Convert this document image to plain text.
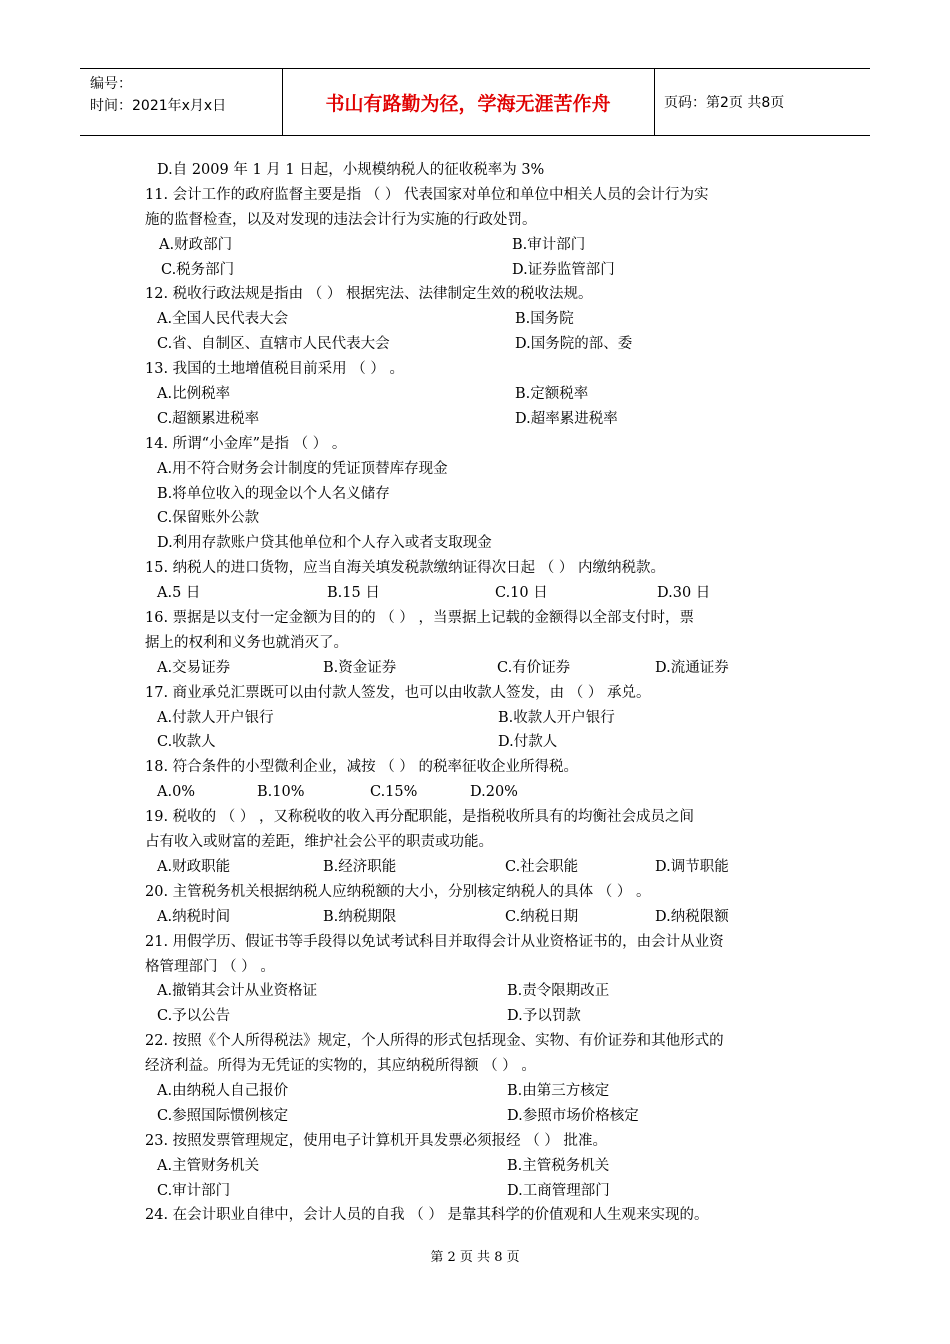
编号：
时间：2021年x月x日	书山有路勤为径，学海无涯苦作舟	页码：第2页 共8页
D.自 2009 年 1 月 1 日起，小规模纳税人的征收税率为 3%
11. 会计工作的政府监督主要是指 （ ） 代表国家对单位和单位中相关人员的会计行为实
施的监督检查，以及对发现的违法会计行为实施的行政处罚。
A.财政部门	B.审计部门
C.税务部门	D.证券监管部门
12. 税收行政法规是指由 （ ） 根据宪法、法律制定生效的税收法规。
A.全国人民代表大会	B.国务院
C.省、自制区、直辖市人民代表大会	D.国务院的部、委
13. 我国的土地增值税目前采用 （ ） 。
A.比例税率	B.定额税率
C.超额累进税率	D.超率累进税率
14. 所谓“小金库”是指 （ ） 。
A.用不符合财务会计制度的凭证顶替库存现金
B.将单位收入的现金以个人名义储存
C.保留账外公款
D.利用存款账户贷其他单位和个人存入或者支取现金
15. 纳税人的进口货物，应当自海关填发税款缴纳证得次日起 （ ） 内缴纳税款。
A.5 日	B.15 日	C.10 日	D.30 日
16. 票据是以支付一定金额为目的的 （ ） ，当票据上记载的金额得以全部支付时，票
据上的权利和义务也就消灭了。
A.交易证券	B.资金证券	C.有价证券	D.流通证券
17. 商业承兑汇票既可以由付款人签发，也可以由收款人签发，由 （ ） 承兑。
A.付款人开户银行	B.收款人开户银行
C.收款人	D.付款人
18. 符合条件的小型微利企业，减按 （ ） 的税率征收企业所得税。
A.0%	B.10%	C.15%	D.20%
19. 税收的 （ ） ，又称税收的收入再分配职能，是指税收所具有的均衡社会成员之间
占有收入或财富的差距，维护社会公平的职责或功能。
A.财政职能	B.经济职能	C.社会职能	D.调节职能
20. 主管税务机关根据纳税人应纳税额的大小，分别核定纳税人的具体 （ ） 。
A.纳税时间	B.纳税期限	C.纳税日期	D.纳税限额
21. 用假学历、假证书等手段得以免试考试科目并取得会计从业资格证书的，由会计从业资
格管理部门 （ ） 。
A.撤销其会计从业资格证	B.责令限期改正
C.予以公告	D.予以罚款
22. 按照《个人所得税法》规定，个人所得的形式包括现金、实物、有价证券和其他形式的
经济利益。所得为无凭证的实物的，其应纳税所得额 （ ） 。
A.由纳税人自己报价	B.由第三方核定
C.参照国际惯例核定	D.参照市场价格核定
23. 按照发票管理规定，使用电子计算机开具发票必须报经 （ ） 批准。
A.主管财务机关	B.主管税务机关
C.审计部门	D.工商管理部门
24. 在会计职业自律中，会计人员的自我 （ ） 是靠其科学的价值观和人生观来实现的。
第 2 页 共 8 页
